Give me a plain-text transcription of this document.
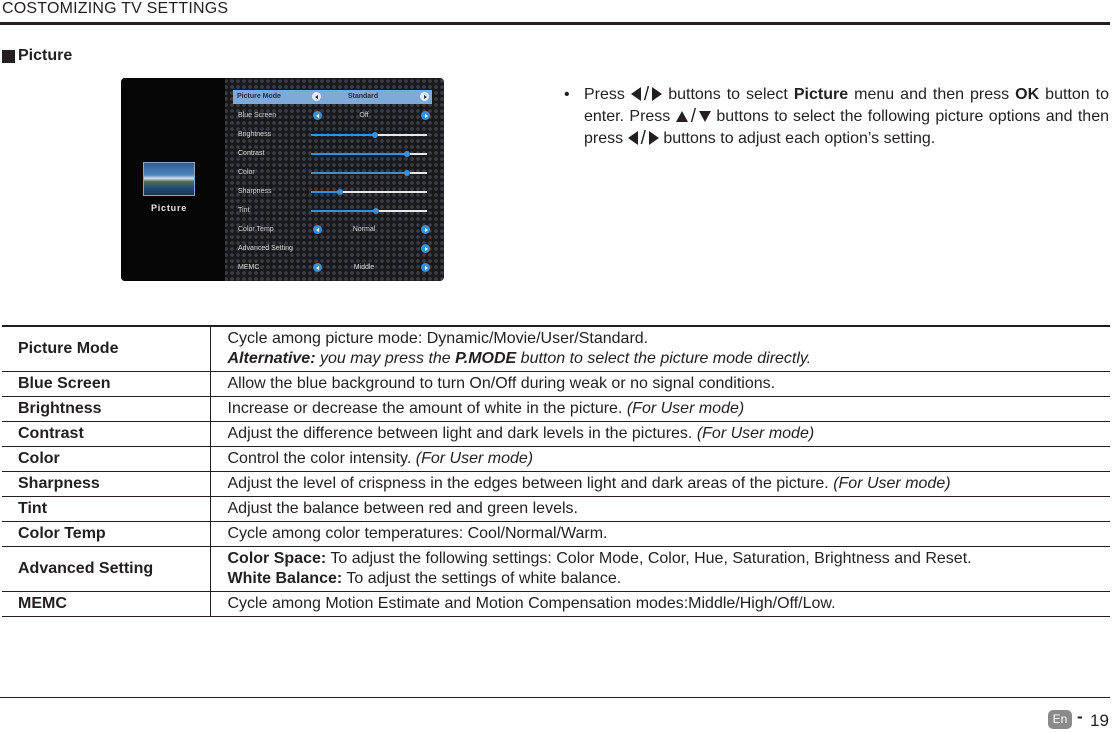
COSTOMIZING TV SETTINGS
Picture
Picture
Picture Mode	Standard
Blue Screen	Off
Brightness
Contrast
Color
Sharpness
Tint
Color Temp	Normal
Advanced Setting
MEMC	Middle
• Press / buttons to select Picture menu and then press OK button to enter. Press / buttons to select the following picture options and then press / buttons to adjust each option’s setting.

Picture Mode	Cycle among picture mode: Dynamic/Movie/User/Standard.
Alternative: you may press the P.MODE button to select the picture mode directly.

Blue Screen	Allow the blue background to turn On/Off during weak or no signal conditions.
Brightness	Increase or decrease the amount of white in the picture. (For User mode)
Contrast	Adjust the difference between light and dark levels in the pictures. (For User mode)
Color	Control the color intensity. (For User mode)
Sharpness	Adjust the level of crispness in the edges between light and dark areas of the picture. (For User mode)
Tint	Adjust the balance between red and green levels.
Color Temp	Cycle among color temperatures: Cool/Normal/Warm.
Advanced Setting	Color Space: To adjust the following settings: Color Mode, Color, Hue, Saturation, Brightness and Reset.
White Balance: To adjust the settings of white balance.

MEMC	Cycle among Motion Estimate and Motion Compensation modes:Middle/High/Off/Low.
En - 19
